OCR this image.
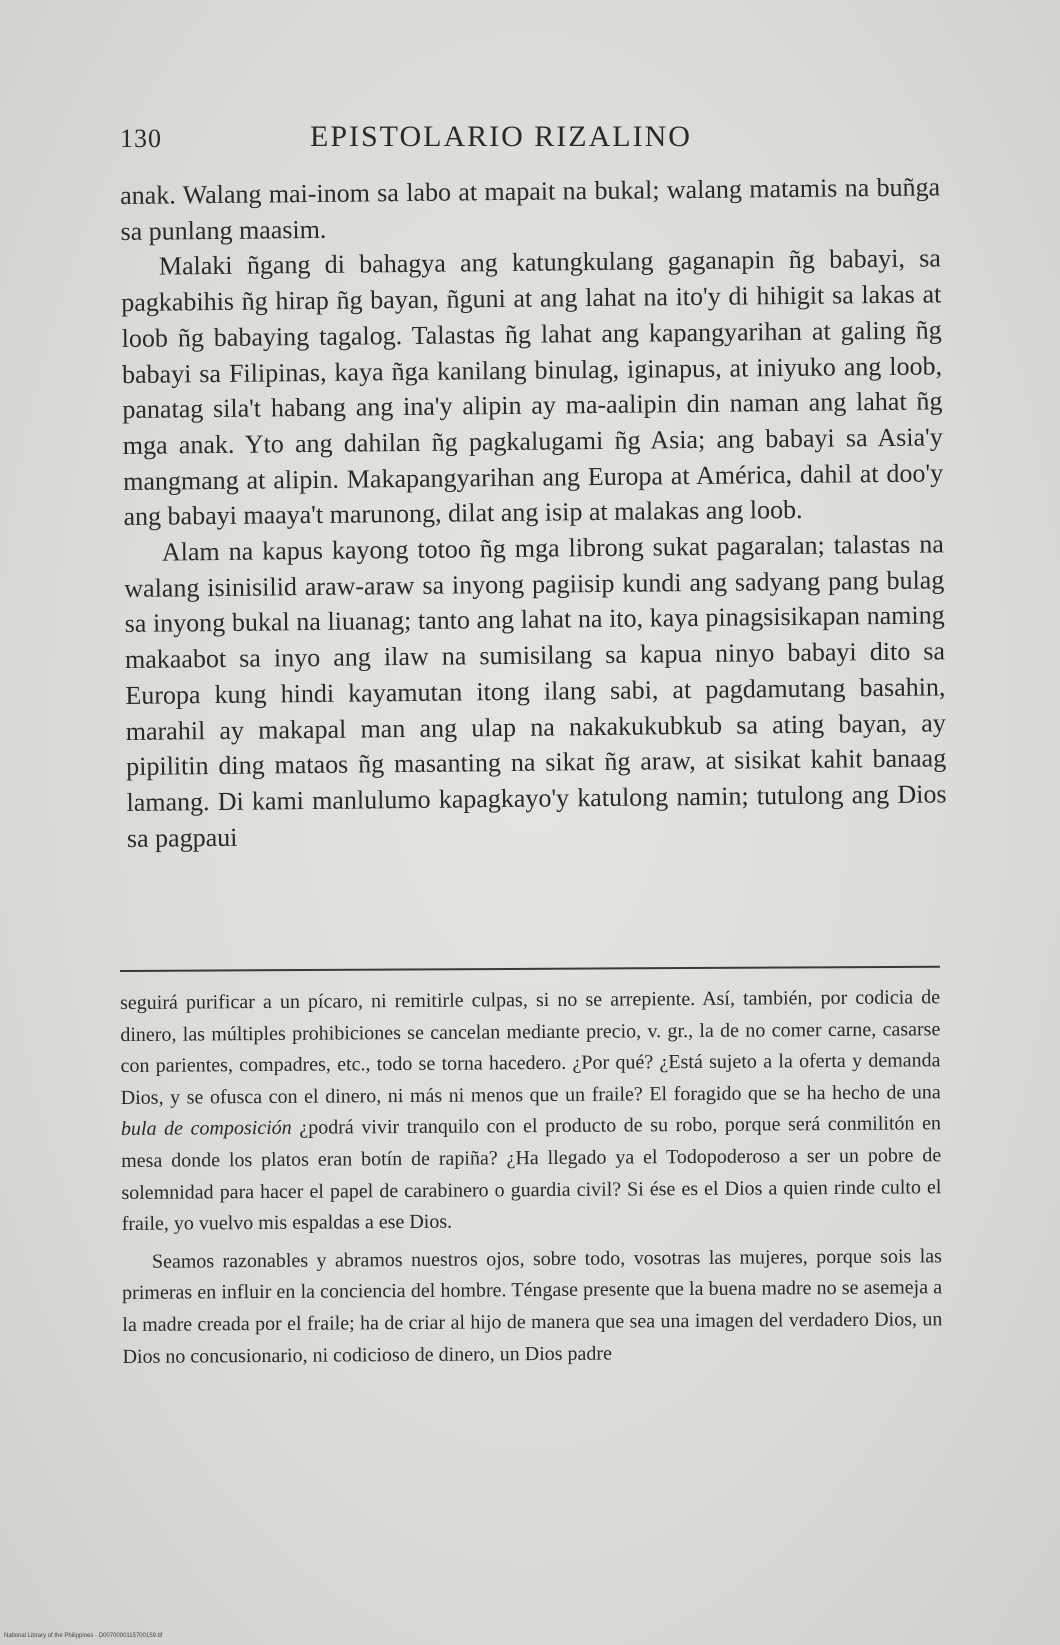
130	EPISTOLARIO RIZALINO

anak. Walang mai-inom sa labo at mapait na bukal; walang matamis na buñga sa punlang maasim.

Malaki ñgang di bahagya ang katungkulang gaganapin ñg babayi, sa pagkabihis ñg hirap ñg bayan, ñguni at ang lahat na ito'y di hihigit sa lakas at loob ñg babaying tagalog. Talastas ñg lahat ang kapangyarihan at galing ñg babayi sa Filipinas, kaya ñga kanilang binulag, iginapus, at iniyuko ang loob, panatag sila't habang ang ina'y alipin ay ma-aalipin din naman ang lahat ñg mga anak. Yto ang dahilan ñg pagkalugami ñg Asia; ang babayi sa Asia'y mangmang at alipin. Makapangyarihan ang Europa at América, dahil at doo'y ang babayi maaya't marunong, dilat ang isip at malakas ang loob.

Alam na kapus kayong totoo ñg mga librong sukat pagaralan; talastas na walang isinisilid araw-araw sa inyong pagiisip kundi ang sadyang pang bulag sa inyong bukal na liuanag; tanto ang lahat na ito, kaya pinagsisikapan naming makaabot sa inyo ang ilaw na sumisilang sa kapua ninyo babayi dito sa Europa kung hindi kayamutan itong ilang sabi, at pagdamutang basahin, marahil ay makapal man ang ulap na nakakukubkub sa ating bayan, ay pipilitin ding mataos ñg masanting na sikat ñg araw, at sisikat kahit banaag lamang. Di kami manlulumo kapagkayo'y katulong namin; tutulong ang Dios sa pagpaui

seguirá purificar a un pícaro, ni remitirle culpas, si no se arrepiente. Así, también, por codicia de dinero, las múltiples prohibiciones se cancelan mediante precio, v. gr., la de no comer carne, casarse con parientes, compadres, etc., todo se torna hacedero. ¿Por qué? ¿Está sujeto a la oferta y demanda Dios, y se ofusca con el dinero, ni más ni menos que un fraile? El foragido que se ha hecho de una bula de composición ¿podrá vivir tranquilo con el producto de su robo, porque será conmilitón en mesa donde los platos eran botín de rapiña? ¿Ha llegado ya el Todopoderoso a ser un pobre de solemnidad para hacer el papel de carabinero o guardia civil? Si ése es el Dios a quien rinde culto el fraile, yo vuelvo mis espaldas a ese Dios.

Seamos razonables y abramos nuestros ojos, sobre todo, vosotras las mujeres, porque sois las primeras en influir en la conciencia del hombre. Téngase presente que la buena madre no se asemeja a la madre creada por el fraile; ha de criar al hijo de manera que sea una imagen del verdadero Dios, un Dios no concusionario, ni codicioso de dinero, un Dios padre

National Library of the Philippines · D0070000115700159.tif
